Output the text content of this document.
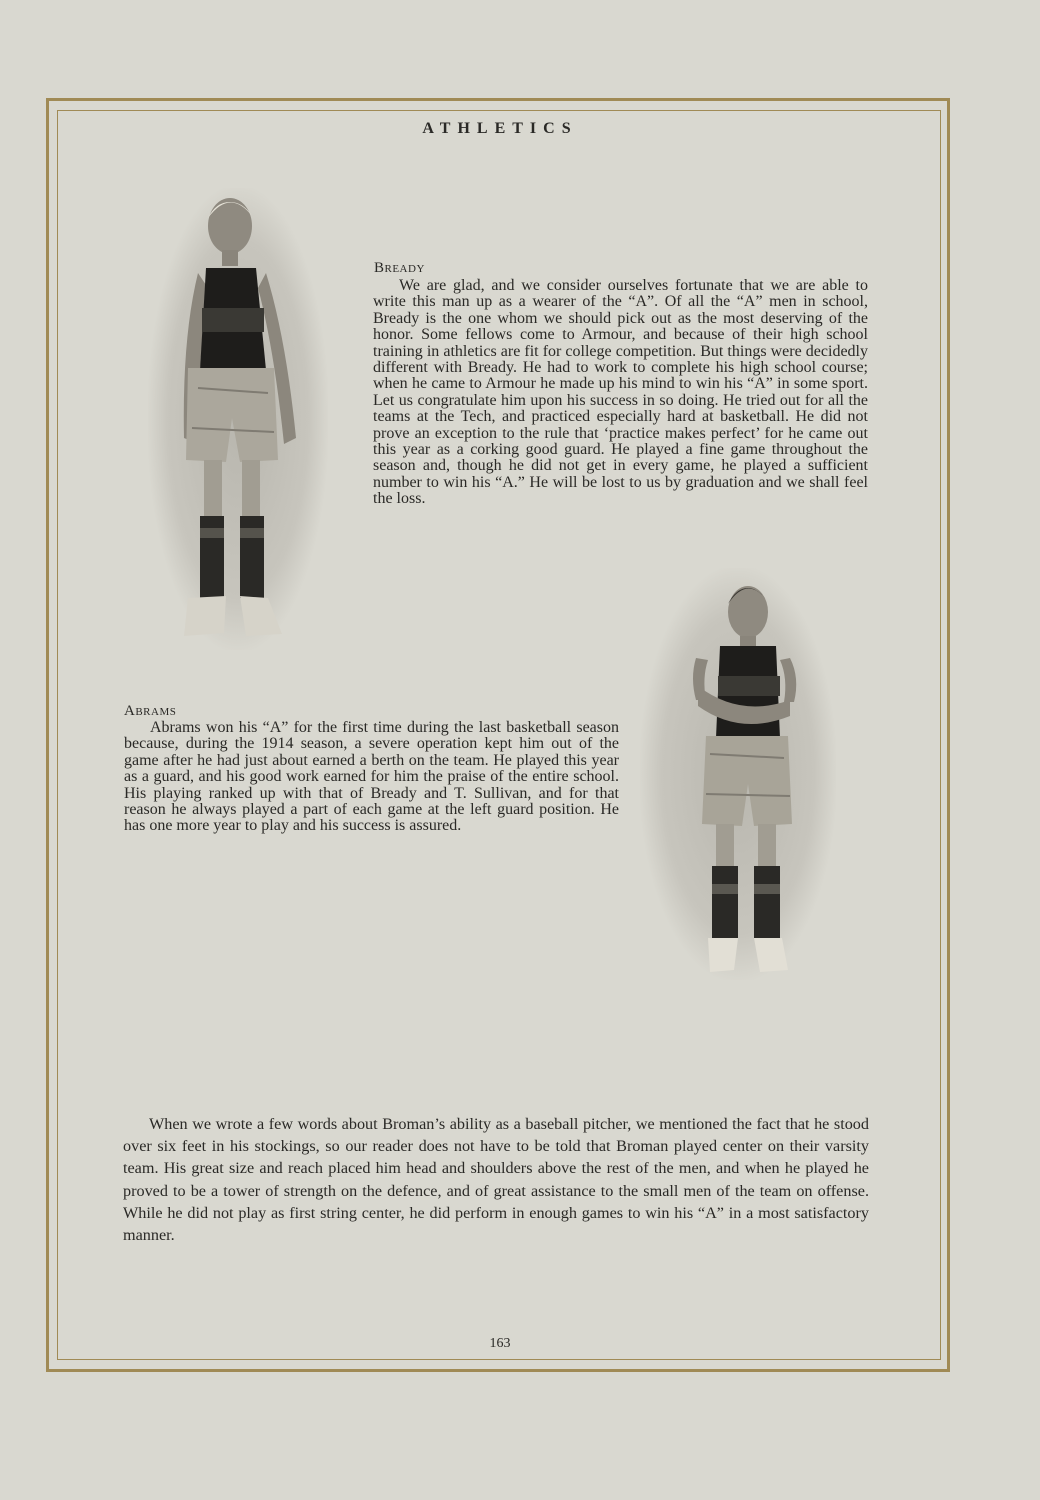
ATHLETICS
Bready

We are glad, and we consider ourselves fortunate that we are able to write this man up as a wearer of the “A”. Of all the “A” men in school, Bready is the one whom we should pick out as the most deserving of the honor. Some fellows come to Armour, and because of their high school training in athletics are fit for college competition. But things were decidedly different with Bready. He had to work to complete his high school course; when he came to Armour he made up his mind to win his “A” in some sport. Let us congratulate him upon his success in so doing. He tried out for all the teams at the Tech, and practiced especially hard at basketball. He did not prove an exception to the rule that ‘practice makes perfect’ for he came out this year as a corking good guard. He played a fine game throughout the season and, though he did not get in every game, he played a sufficient number to win his “A.” He will be lost to us by graduation and we shall feel the loss.

Abrams

Abrams won his “A” for the first time during the last basketball season because, during the 1914 season, a severe operation kept him out of the game after he had just about earned a berth on the team. He played this year as a guard, and his good work earned for him the praise of the entire school. His playing ranked up with that of Bready and T. Sullivan, and for that reason he always played a part of each game at the left guard position. He has one more year to play and his success is assured.

When we wrote a few words about Broman’s ability as a baseball pitcher, we mentioned the fact that he stood over six feet in his stockings, so our reader does not have to be told that Broman played center on their varsity team. His great size and reach placed him head and shoulders above the rest of the men, and when he played he proved to be a tower of strength on the defence, and of great assistance to the small men of the team on offense. While he did not play as first string center, he did perform in enough games to win his “A” in a most satisfactory manner.

163
